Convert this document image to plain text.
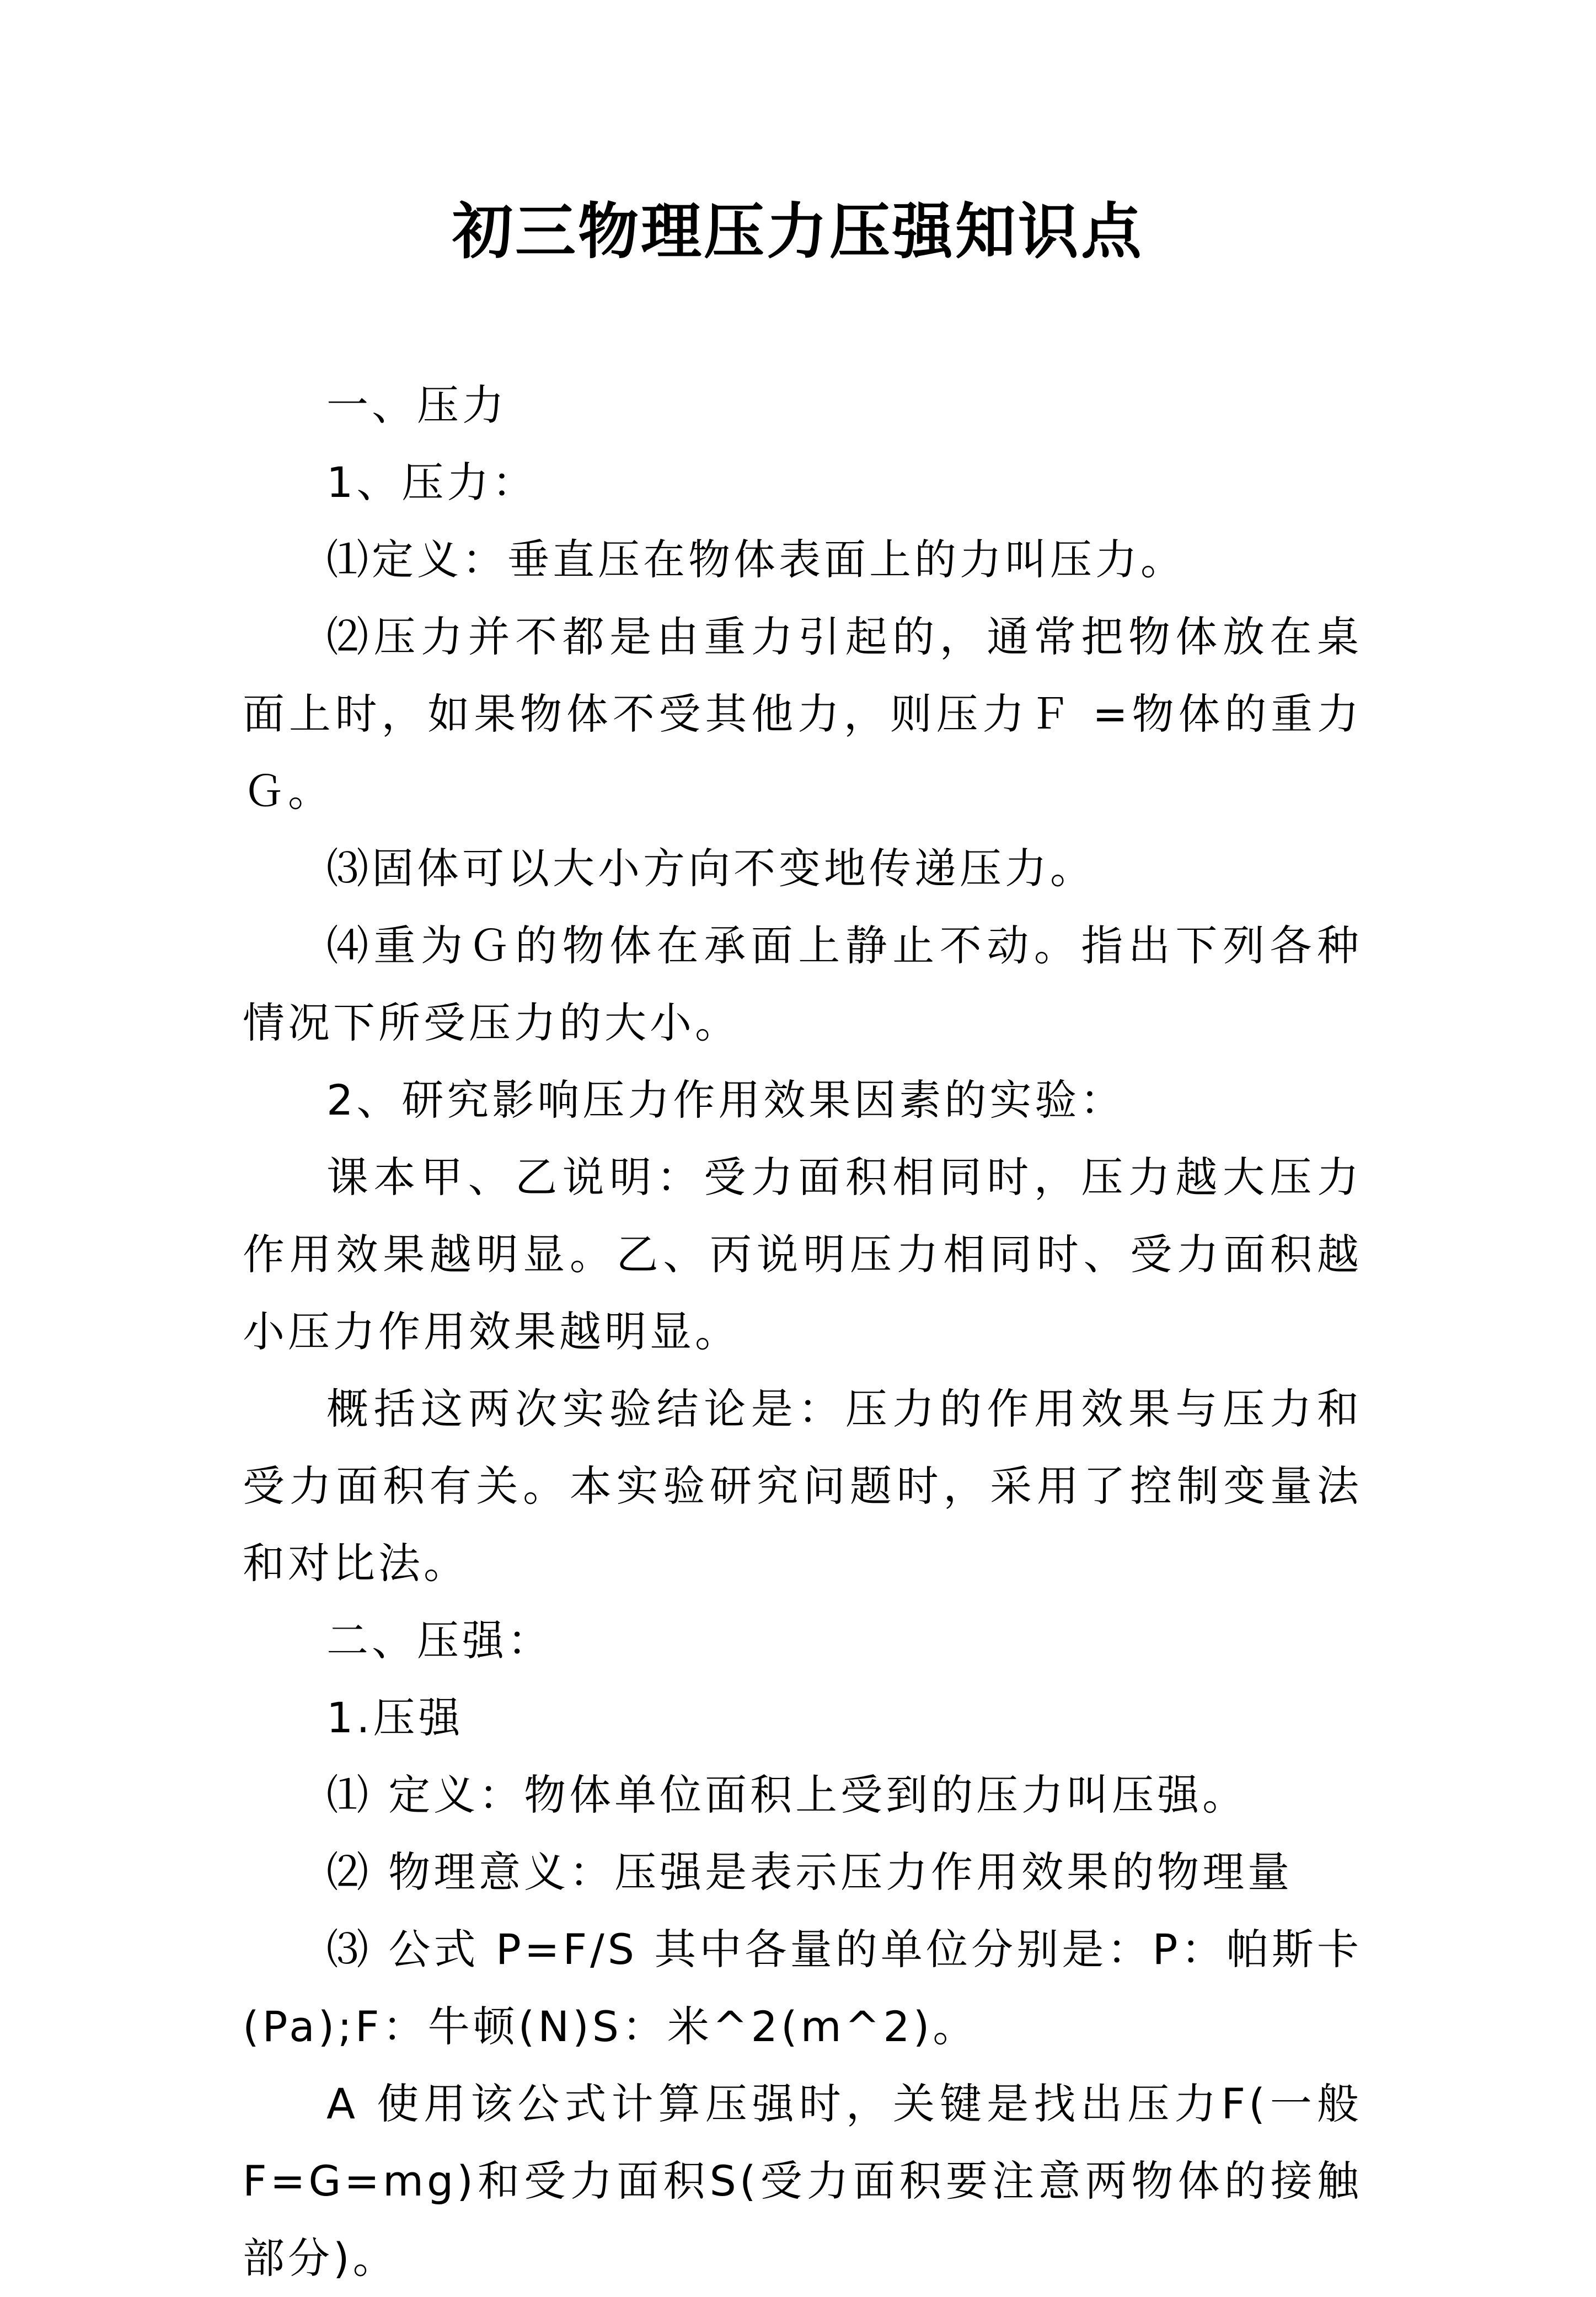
初三物理压力压强知识点

一、压力

1、压力：

⑴定义：垂直压在物体表面上的力叫压力。

⑵压力并不都是由重力引起的，通常把物体放在桌面上时，如果物体不受其他力，则压力Ｆ =物体的重力Ｇ。

⑶固体可以大小方向不变地传递压力。

⑷重为Ｇ的物体在承面上静止不动。指出下列各种情况下所受压力的大小。

2、研究影响压力作用效果因素的实验：

课本甲、乙说明：受力面积相同时，压力越大压力作用效果越明显。乙、丙说明压力相同时、受力面积越小压力作用效果越明显。

概括这两次实验结论是：压力的作用效果与压力和受力面积有关。本实验研究问题时，采用了控制变量法和对比法。

二、压强：

1.压强

⑴ 定义：物体单位面积上受到的压力叫压强。

⑵ 物理意义：压强是表示压力作用效果的物理量

⑶ 公式 P=F/S 其中各量的单位分别是：P：帕斯卡(Pa);F：牛顿(N)S：米^2(m^2)。

A 使用该公式计算压强时，关键是找出压力F(一般F=G=mg)和受力面积S(受力面积要注意两物体的接触部分)。
